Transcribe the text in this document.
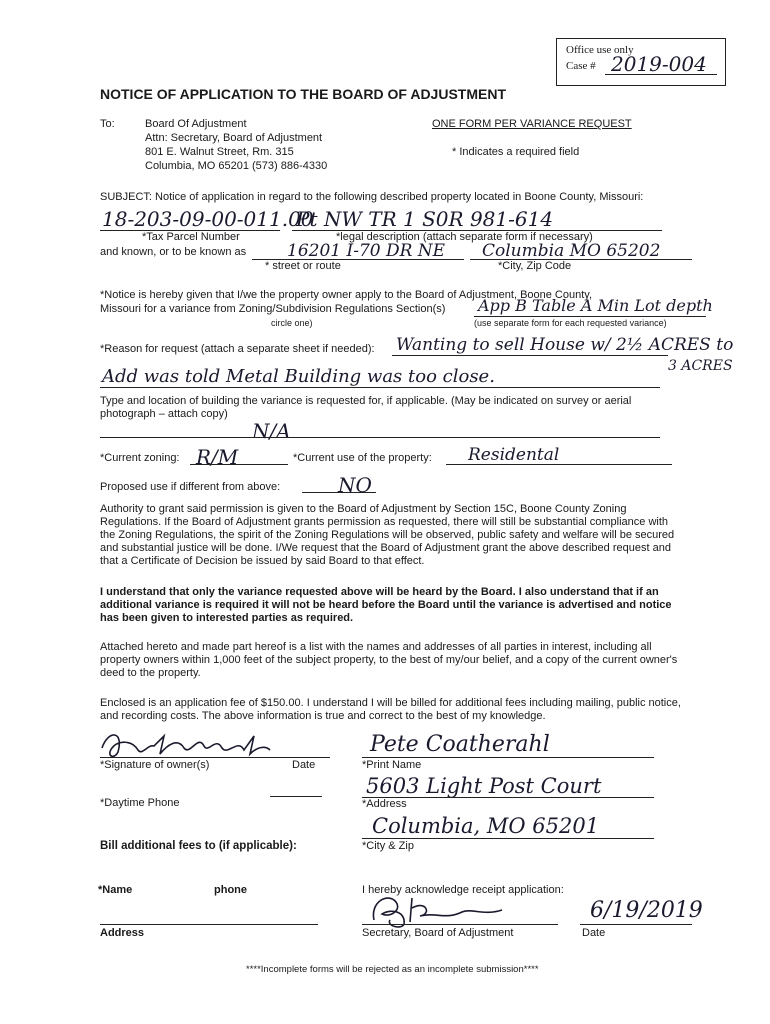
Office use only
Case # 2019-004
NOTICE OF APPLICATION TO THE BOARD OF ADJUSTMENT
To:	Board Of Adjustment
Attn: Secretary, Board of Adjustment
801 E. Walnut Street, Rm. 315
Columbia, MO 65201 (573) 886-4330
ONE FORM PER VARIANCE REQUEST
* Indicates a required field
SUBJECT: Notice of application in regard to the following described property located in Boone County, Missouri:
18-203-09-00-011.00
Pt NW TR 1 S0R 981-614
*Tax Parcel Number	*legal description (attach separate form if necessary)
and known, or to be known as 16201 I-70 DR NE Columbia MO 65202
* street or route	*City, Zip Code
*Notice is hereby given that I/we the property owner apply to the Board of Adjustment, Boone County,
Missouri for a variance from Zoning/Subdivision Regulations Section(s) App B Table A Min Lot depth
circle one)	(use separate form for each requested variance)
*Reason for request (attach a separate sheet if needed): Wanting to sell House w/ 2½ ACRES to
Add was told Metal Building was too close.	3 ACRES
Type and location of building the variance is requested for, if applicable. (May be indicated on survey or aerial photograph – attach copy)
N/A
*Current zoning: R/M	*Current use of the property: Residental
Proposed use if different from above:	NO
Authority to grant said permission is given to the Board of Adjustment by Section 15C, Boone County Zoning Regulations. If the Board of Adjustment grants permission as requested, there will still be substantial compliance with the Zoning Regulations, the spirit of the Zoning Regulations will be observed, public safety and welfare will be secured and substantial justice will be done. I/We request that the Board of Adjustment grant the above described request and that a Certificate of Decision be issued by said Board to that effect.
I understand that only the variance requested above will be heard by the Board. I also understand that if an additional variance is required it will not be heard before the Board until the variance is advertised and notice has been given to interested parties as required.
Attached hereto and made part hereof is a list with the names and addresses of all parties in interest, including all property owners within 1,000 feet of the subject property, to the best of my/our belief, and a copy of the current owner's deed to the property.
Enclosed is an application fee of $150.00. I understand I will be billed for additional fees including mailing, public notice, and recording costs. The above information is true and correct to the best of my knowledge.
*Signature of owner(s)	Date
Pete Coatherahl
*Print Name
*Daytime Phone
5603 Light Post Court
*Address
Bill additional fees to (if applicable):
Columbia, MO 65201
*City & Zip
*Name	phone	I hereby acknowledge receipt application:
Address	Secretary, Board of Adjustment
6/19/2019
Date
****Incomplete forms will be rejected as an incomplete submission****
